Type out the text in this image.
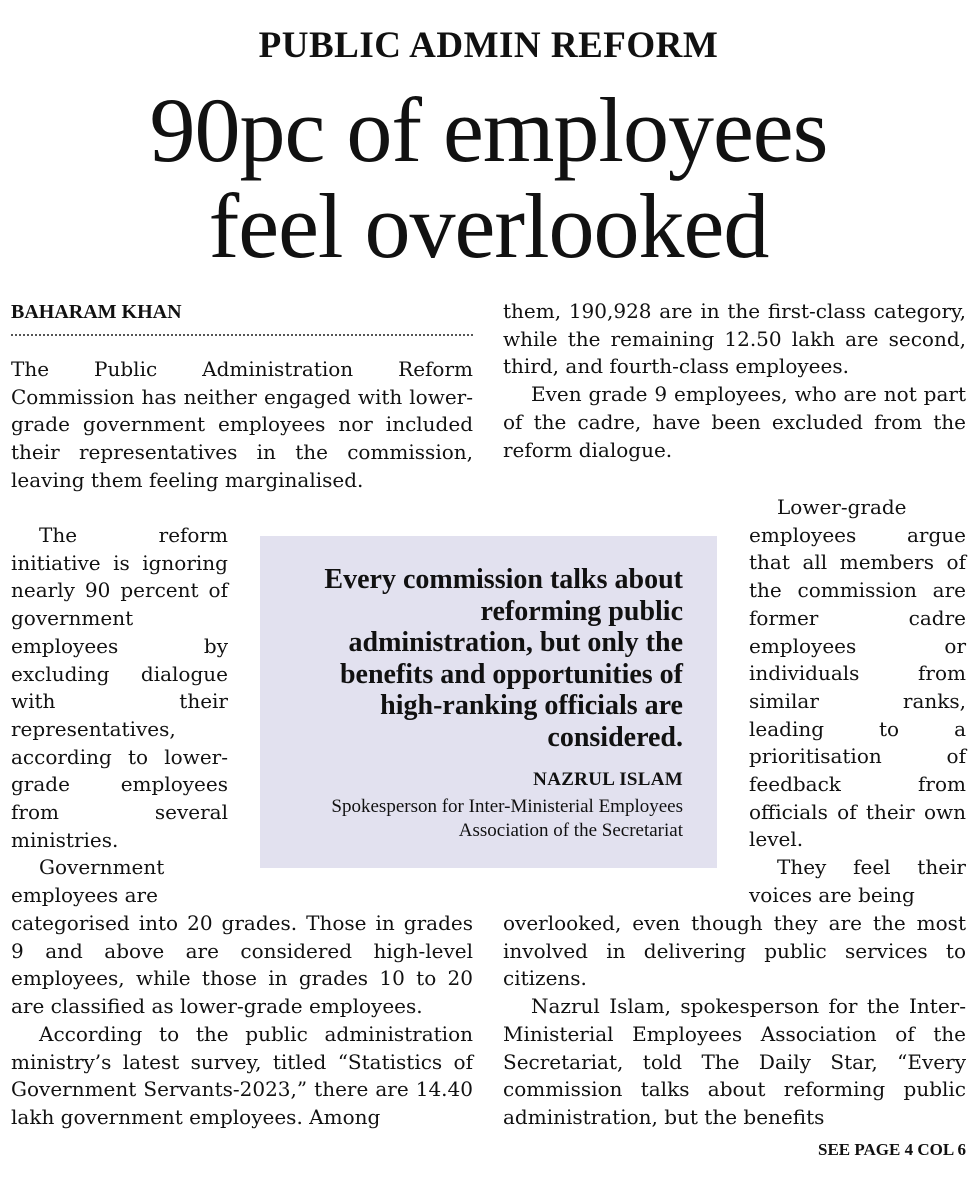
PUBLIC ADMIN REFORM
90pc of employees
feel overlooked
BAHARAM KHAN

The Public Administration Reform Commission has neither engaged with lower-grade government employees nor included their representatives in the commission, leaving them feeling marginalised.

The reform initiative is ignoring nearly 90 percent of government employees by excluding dialogue with their representatives, according to lower-grade employees from several ministries.

Government employees are

categorised into 20 grades. Those in grades 9 and above are considered high-level employees, while those in grades 10 to 20 are classified as lower-grade employees.

According to the public administration ministry’s latest survey, titled “Statistics of Government Servants-2023,” there are 14.40 lakh government employees. Among

them, 190,928 are in the first-class category, while the remaining 12.50 lakh are second, third, and fourth-class employees.

Even grade 9 employees, who are not part of the cadre, have been excluded from the reform dialogue.

Lower-grade employees argue that all members of the commission are former cadre employees or individuals from similar ranks, leading to a prioritisation of feedback from officials of their own level.

They feel their voices are being

overlooked, even though they are the most involved in delivering public services to citizens.

Nazrul Islam, spokesperson for the Inter-Ministerial Employees Association of the Secretariat, told The Daily Star, “Every commission talks about reforming public administration, but the benefits

Every commission talks about reforming public administration, but only the benefits and opportunities of high-ranking officials are considered.

NAZRUL ISLAM
Spokesperson for Inter-Ministerial Employees Association of the Secretariat
SEE PAGE 4 COL 6
